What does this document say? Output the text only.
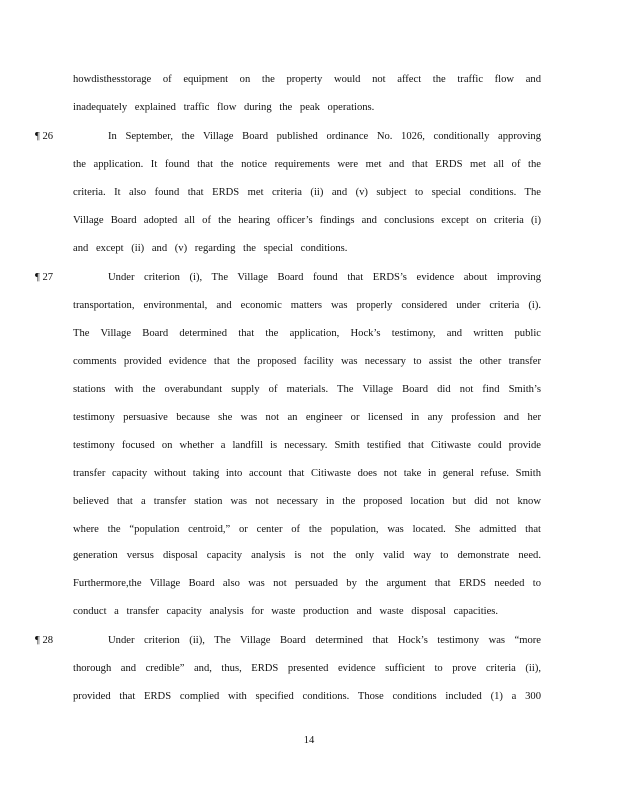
howdisthesstorage of equipment on the property would not affect the traffic flow and
inadequately explained traffic flow during the peak operations.
¶ 26	In September, the Village Board published ordinance No. 1026, conditionally approving
the application. It found that the notice requirements were met and that ERDS met all of the
criteria. It also found that ERDS met criteria (ii) and (v) subject to special conditions. The
Village Board adopted all of the hearing officer’s findings and conclusions except on criteria (i)
and except (ii) and (v) regarding the special conditions.
¶ 27	Under criterion (i), The Village Board found that ERDS’s evidence about improving
transportation, environmental, and economic matters was properly considered under criteria (i).
The Village Board determined that the application, Hock’s testimony, and written public
comments provided evidence that the proposed facility was necessary to assist the other transfer
stations with the overabundant supply of materials. The Village Board did not find Smith’s
testimony persuasive because she was not an engineer or licensed in any profession and her
testimony focused on whether a landfill is necessary. Smith testified that Citiwaste could provide
transfer capacity without taking into account that Citiwaste does not take in general refuse. Smith
believed that a transfer station was not necessary in the proposed location but did not know
where the “population centroid,” or center of the population, was located. She admitted that
generation versus disposal capacity analysis is not the only valid way to demonstrate need.
Furthermore,the Village Board also was not persuaded by the argument that ERDS needed to
conduct a transfer capacity analysis for waste production and waste disposal capacities.
¶ 28	Under criterion (ii), The Village Board determined that Hock’s testimony was “more
thorough and credible” and, thus, ERDS presented evidence sufficient to prove criteria (ii),
provided that ERDS complied with specified conditions. Those conditions included (1) a 300
14
